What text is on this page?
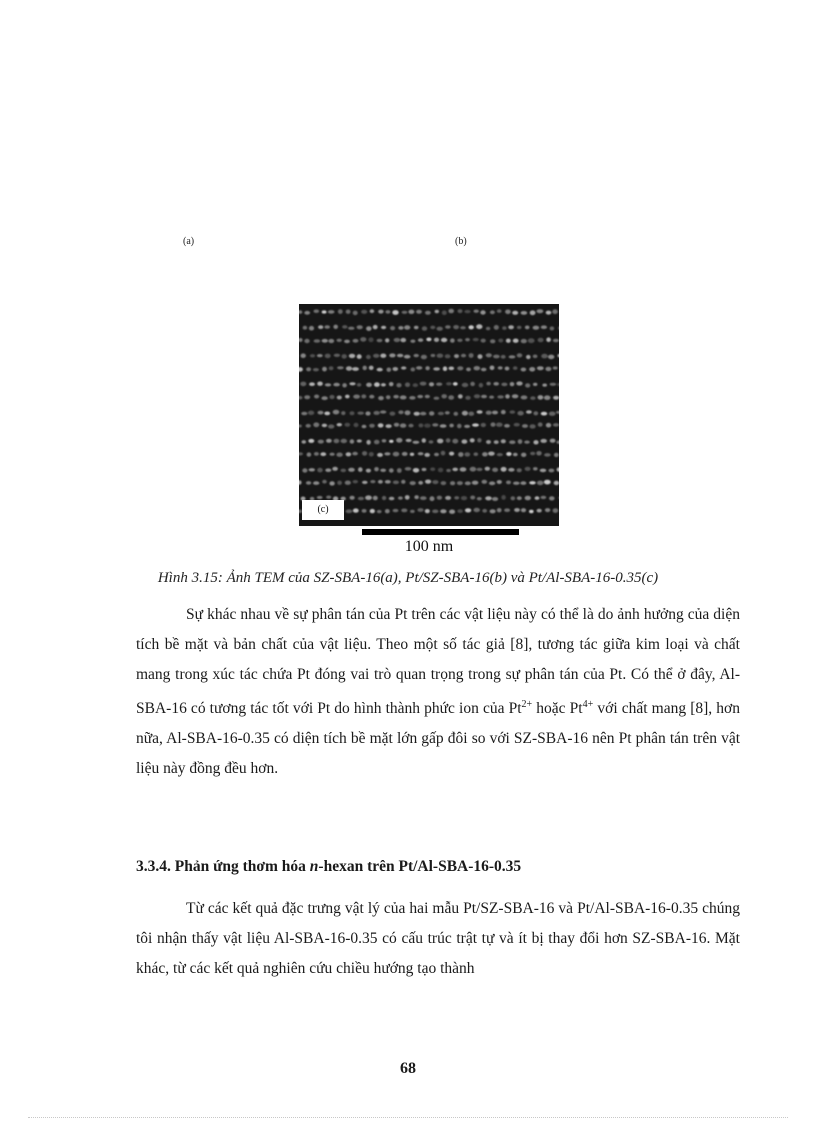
(a)	(b)
(c)
100 nm
Hình 3.15: Ảnh TEM của SZ-SBA-16(a), Pt/SZ-SBA-16(b) và Pt/Al-SBA-16-0.35(c)

Sự khác nhau về sự phân tán của Pt trên các vật liệu này có thể là do ảnh hưởng của diện tích bề mặt và bản chất của vật liệu. Theo một số tác giả [8], tương tác giữa kim loại và chất mang trong xúc tác chứa Pt đóng vai trò quan trọng trong sự phân tán của Pt. Có thể ở đây, Al-SBA-16 có tương tác tốt với Pt do hình thành phức ion của $Pt^{2+}$ hoặc $Pt^{4+}$ với chất mang [8], hơn nữa, Al-SBA-16-0.35 có diện tích bề mặt lớn gấp đôi so với SZ-SBA-16 nên Pt phân tán trên vật liệu này đồng đều hơn.

3.3.4. Phản ứng thơm hóa n-hexan trên Pt/Al-SBA-16-0.35

Từ các kết quả đặc trưng vật lý của hai mẫu Pt/SZ-SBA-16 và Pt/Al-SBA-16-0.35 chúng tôi nhận thấy vật liệu Al-SBA-16-0.35 có cấu trúc trật tự và ít bị thay đổi hơn SZ-SBA-16. Mặt khác, từ các kết quả nghiên cứu chiều hướng tạo thành

68
